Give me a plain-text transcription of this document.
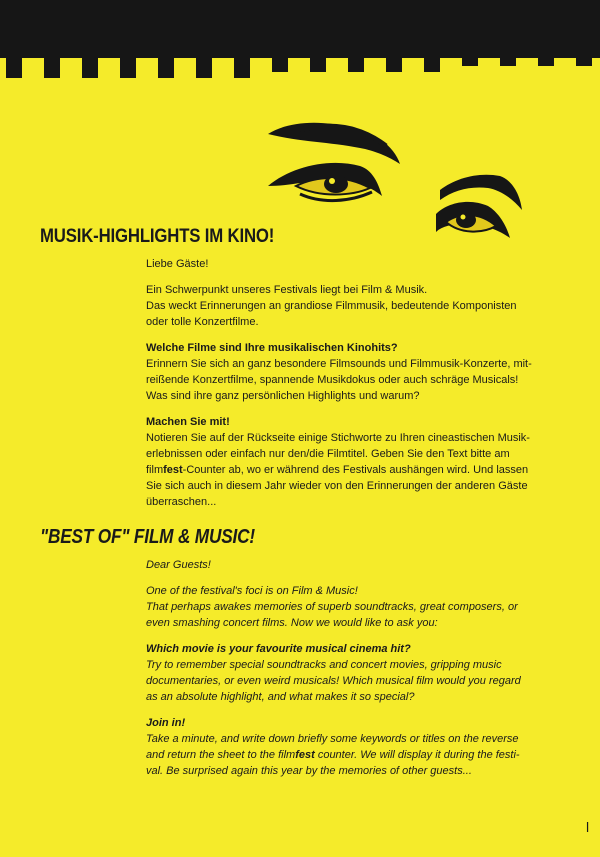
MUSIK-HIGHLIGHTS IM KINO!

Liebe Gäste!

Ein Schwerpunkt unseres Festivals liegt bei Film & Musik.
Das weckt Erinnerungen an grandiose Filmmusik, bedeutende Komponisten
oder tolle Konzertfilme.

Welche Filme sind Ihre musikalischen Kinohits?

Erinnern Sie sich an ganz besondere Filmsounds und Filmmusik-Konzerte, mit-
reißende Konzertfilme, spannende Musikdokus oder auch schräge Musicals!
Was sind ihre ganz persönlichen Highlights und warum?

Machen Sie mit!

Notieren Sie auf der Rückseite einige Stichworte zu Ihren cineastischen Musik-
erlebnissen oder einfach nur den/die Filmtitel. Geben Sie den Text bitte am
filmfest-Counter ab, wo er während des Festivals aushängen wird. Und lassen
Sie sich auch in diesem Jahr wieder von den Erinnerungen der anderen Gäste
überraschen...

"BEST OF" FILM & MUSIC!

Dear Guests!

One of the festival's foci is on Film & Music!
That perhaps awakes memories of superb soundtracks, great composers, or
even smashing concert films. Now we would like to ask you:

Which movie is your favourite musical cinema hit?

Try to remember special soundtracks and concert movies, gripping music
documentaries, or even weird musicals! Which musical film would you regard
as an absolute highlight, and what makes it so special?

Join in!

Take a minute, and write down briefly some keywords or titles on the reverse
and return the sheet to the filmfest counter. We will display it during the festi-
val. Be surprised again this year by the memories of other guests...

l
